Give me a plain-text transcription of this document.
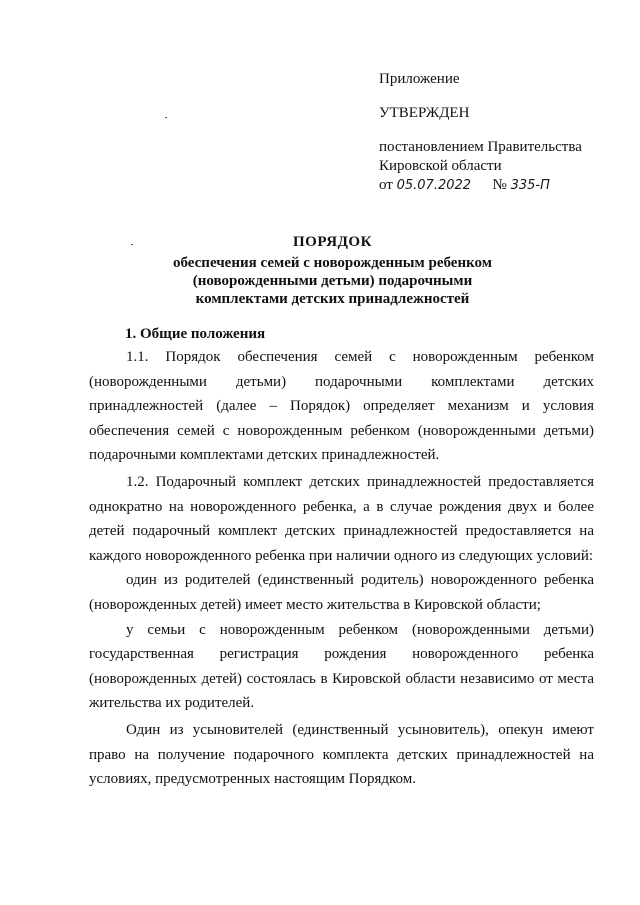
Приложение
УТВЕРЖДЕН
постановлением Правительства
Кировской области
от 05.07.2022 № 335-П
ПОРЯДОК
обеспечения семей с новорожденным ребенком
(новорожденными детьми) подарочными
комплектами детских принадлежностей
1. Общие положения

1.1. Порядок обеспечения семей с новорожденным ребенком (новорожденными детьми) подарочными комплектами детских принадлежностей (далее – Порядок) определяет механизм и условия обеспечения семей с новорожденным ребенком (новорожденными детьми) подарочными комплектами детских принадлежностей.

1.2. Подарочный комплект детских принадлежностей предоставляется однократно на новорожденного ребенка, а в случае рождения двух и более детей подарочный комплект детских принадлежностей предоставляется на каждого новорожденного ребенка при наличии одного из следующих условий:

один из родителей (единственный родитель) новорожденного ребенка (новорожденных детей) имеет место жительства в Кировской области;

у семьи с новорожденным ребенком (новорожденными детьми) государственная регистрация рождения новорожденного ребенка (новорожденных детей) состоялась в Кировской области независимо от места жительства их родителей.

Один из усыновителей (единственный усыновитель), опекун имеют право на получение подарочного комплекта детских принадлежностей на условиях, предусмотренных настоящим Порядком.
